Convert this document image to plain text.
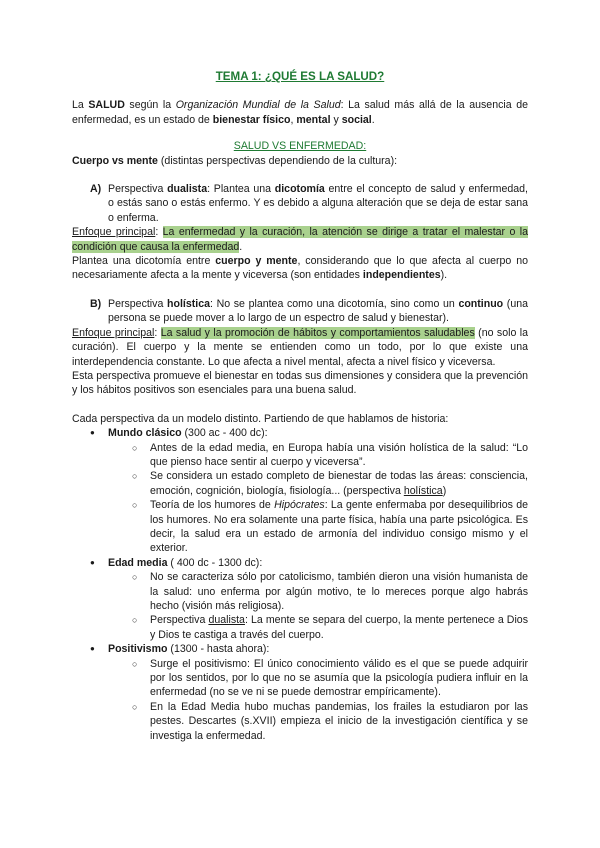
TEMA 1: ¿QUÉ ES LA SALUD?

La SALUD según la Organización Mundial de la Salud: La salud más allá de la ausencia de enfermedad, es un estado de bienestar físico, mental y social.

SALUD VS ENFERMEDAD:

Cuerpo vs mente (distintas perspectivas dependiendo de la cultura):

A) Perspectiva dualista: Plantea una dicotomía entre el concepto de salud y enfermedad, o estás sano o estás enfermo. Y es debido a alguna alteración que se deja de estar sana o enferma.

Enfoque principal: La enfermedad y la curación, la atención se dirige a tratar el malestar o la condición que causa la enfermedad.

Plantea una dicotomía entre cuerpo y mente, considerando que lo que afecta al cuerpo no necesariamente afecta a la mente y viceversa (son entidades independientes).

B) Perspectiva holística: No se plantea como una dicotomía, sino como un continuo (una persona se puede mover a lo largo de un espectro de salud y bienestar).

Enfoque principal: La salud y la promoción de hábitos y comportamientos saludables (no solo la curación). El cuerpo y la mente se entienden como un todo, por lo que existe una interdependencia constante. Lo que afecta a nivel mental, afecta a nivel físico y viceversa.

Esta perspectiva promueve el bienestar en todas sus dimensiones y considera que la prevención y los hábitos positivos son esenciales para una buena salud.

Cada perspectiva da un modelo distinto. Partiendo de que hablamos de historia:

● Mundo clásico (300 ac - 400 dc):
○ Antes de la edad media, en Europa había una visión holística de la salud: “Lo que pienso hace sentir al cuerpo y viceversa”.
○ Se considera un estado completo de bienestar de todas las áreas: consciencia, emoción, cognición, biología, fisiología... (perspectiva holística)
○ Teoría de los humores de Hipócrates: La gente enfermaba por desequilibrios de los humores. No era solamente una parte física, había una parte psicológica. Es decir, la salud era un estado de armonía del individuo consigo mismo y el exterior.
● Edad media ( 400 dc - 1300 dc):
○ No se caracteriza sólo por catolicismo, también dieron una visión humanista de la salud: uno enferma por algún motivo, te lo mereces porque algo habrás hecho (visión más religiosa).
○ Perspectiva dualista: La mente se separa del cuerpo, la mente pertenece a Dios y Dios te castiga a través del cuerpo.
● Positivismo (1300 - hasta ahora):
○ Surge el positivismo: El único conocimiento válido es el que se puede adquirir por los sentidos, por lo que no se asumía que la psicología pudiera influir en la enfermedad (no se ve ni se puede demostrar empíricamente).
○ En la Edad Media hubo muchas pandemias, los frailes la estudiaron por las pestes. Descartes (s.XVII) empieza el inicio de la investigación científica y se investiga la enfermedad.
